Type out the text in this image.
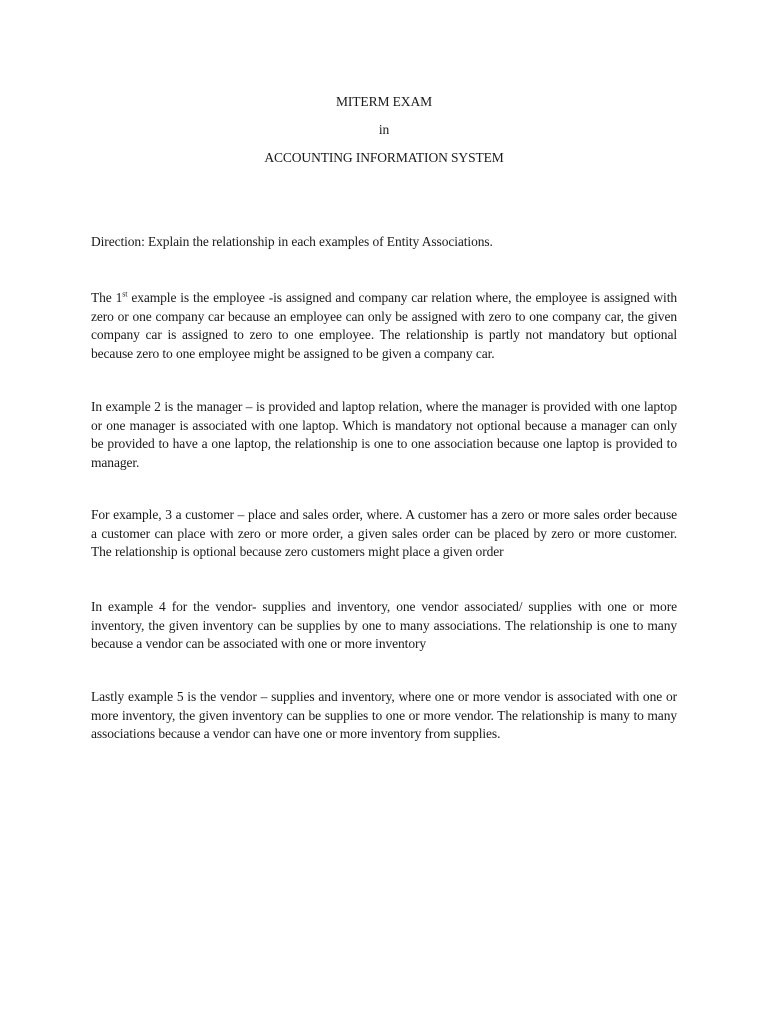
MITERM EXAM
in
ACCOUNTING INFORMATION SYSTEM

Direction: Explain the relationship in each examples of Entity Associations.

The 1st example is the employee -is assigned and company car relation where, the employee is assigned with zero or one company car because an employee can only be assigned with zero to one company car, the given company car is assigned to zero to one employee. The relationship is partly not mandatory but optional because zero to one employee might be assigned to be given a company car.

In example 2 is the manager – is provided and laptop relation, where the manager is provided with one laptop or one manager is associated with one laptop. Which is mandatory not optional because a manager can only be provided to have a one laptop, the relationship is one to one association because one laptop is provided to manager.

For example, 3 a customer – place and sales order, where. A customer has a zero or more sales order because a customer can place with zero or more order, a given sales order can be placed by zero or more customer. The relationship is optional because zero customers might place a given order

In example 4 for the vendor- supplies and inventory, one vendor associated/ supplies with one or more inventory, the given inventory can be supplies by one to many associations. The relationship is one to many because a vendor can be associated with one or more inventory

Lastly example 5 is the vendor – supplies and inventory, where one or more vendor is associated with one or more inventory, the given inventory can be supplies to one or more vendor. The relationship is many to many associations because a vendor can have one or more inventory from supplies.
